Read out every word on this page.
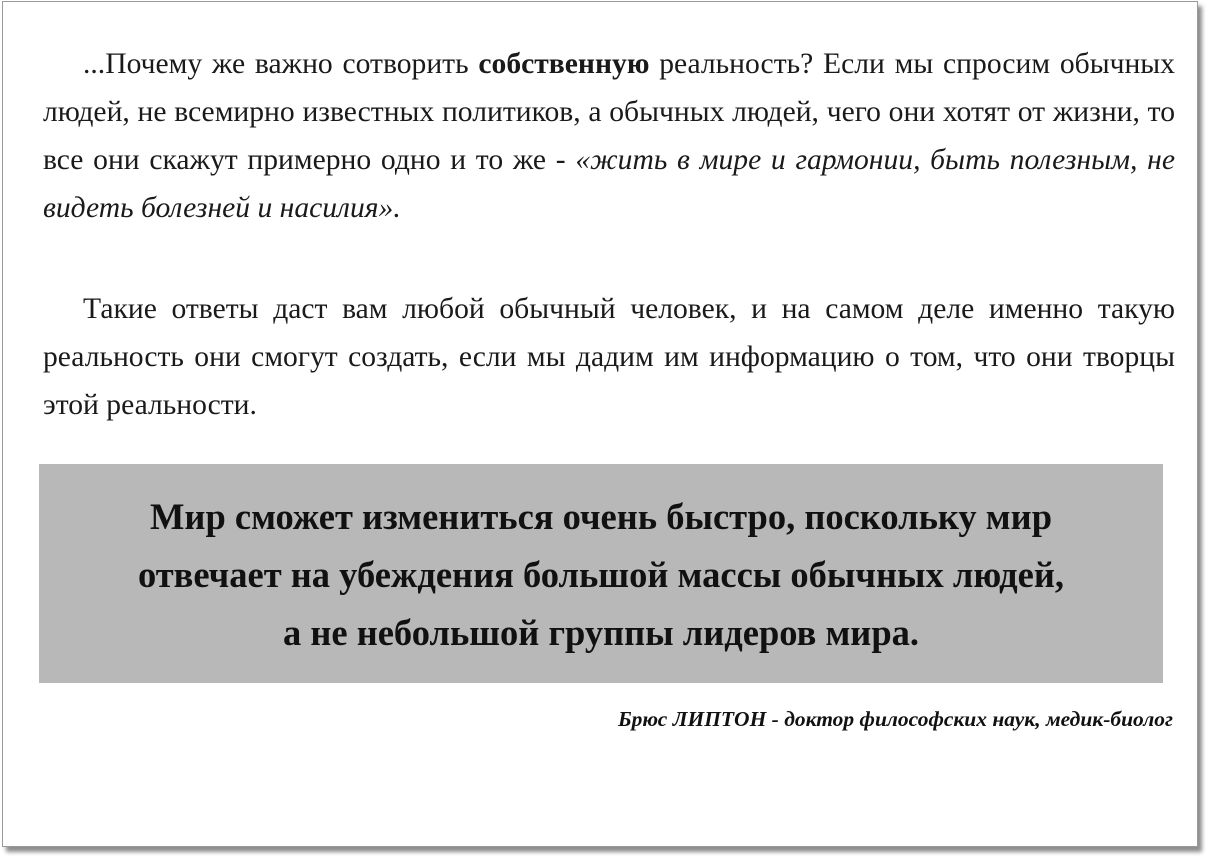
...Почему же важно сотворить собственную реальность? Если мы спросим обычных людей, не всемирно известных политиков, а обычных людей, чего они хотят от жизни, то все они скажут примерно одно и то же - «жить в мире и гармонии, быть полезным, не видеть болезней и насилия».

Такие ответы даст вам любой обычный человек, и на самом деле именно такую реальность они смогут создать, если мы дадим им информацию о том, что они творцы этой реальности.

Мир сможет измениться очень быстро, поскольку мир
отвечает на убеждения большой массы обычных людей,
а не небольшой группы лидеров мира.

Брюс ЛИПТОН - доктор философских наук, медик-биолог
